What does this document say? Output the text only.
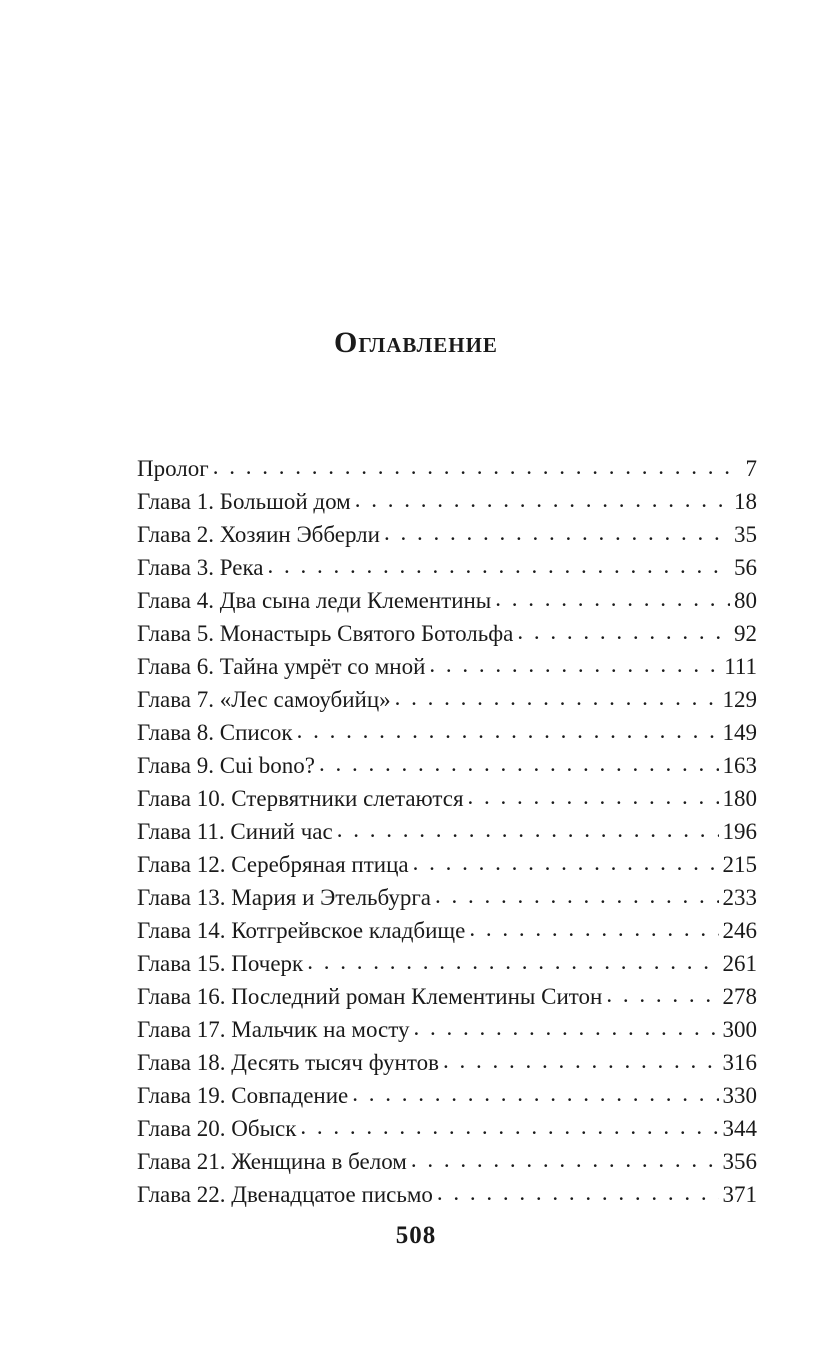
Оглавление
Пролог . . .	7
Глава 1. Большой дом . . .	18
Глава 2. Хозяин Эбберли . . .	35
Глава 3. Река . . .	56
Глава 4. Два сына леди Клементины . . .	80
Глава 5. Монастырь Святого Ботольфа . . .	92
Глава 6. Тайна умрёт со мной . . .	111
Глава 7. «Лес самоубийц» . . .	129
Глава 8. Список . . .	149
Глава 9. Cui bono? . . .	163
Глава 10. Стервятники слетаются . . .	180
Глава 11. Синий час . . .	196
Глава 12. Серебряная птица . . .	215
Глава 13. Мария и Этельбурга . . .	233
Глава 14. Котгрейвское кладбище . . .	246
Глава 15. Почерк . . .	261
Глава 16. Последний роман Клементины Ситон . . .	278
Глава 17. Мальчик на мосту . . .	300
Глава 18. Десять тысяч фунтов . . .	316
Глава 19. Совпадение . . .	330
Глава 20. Обыск . . .	344
Глава 21. Женщина в белом . . .	356
Глава 22. Двенадцатое письмо . . .	371
508
